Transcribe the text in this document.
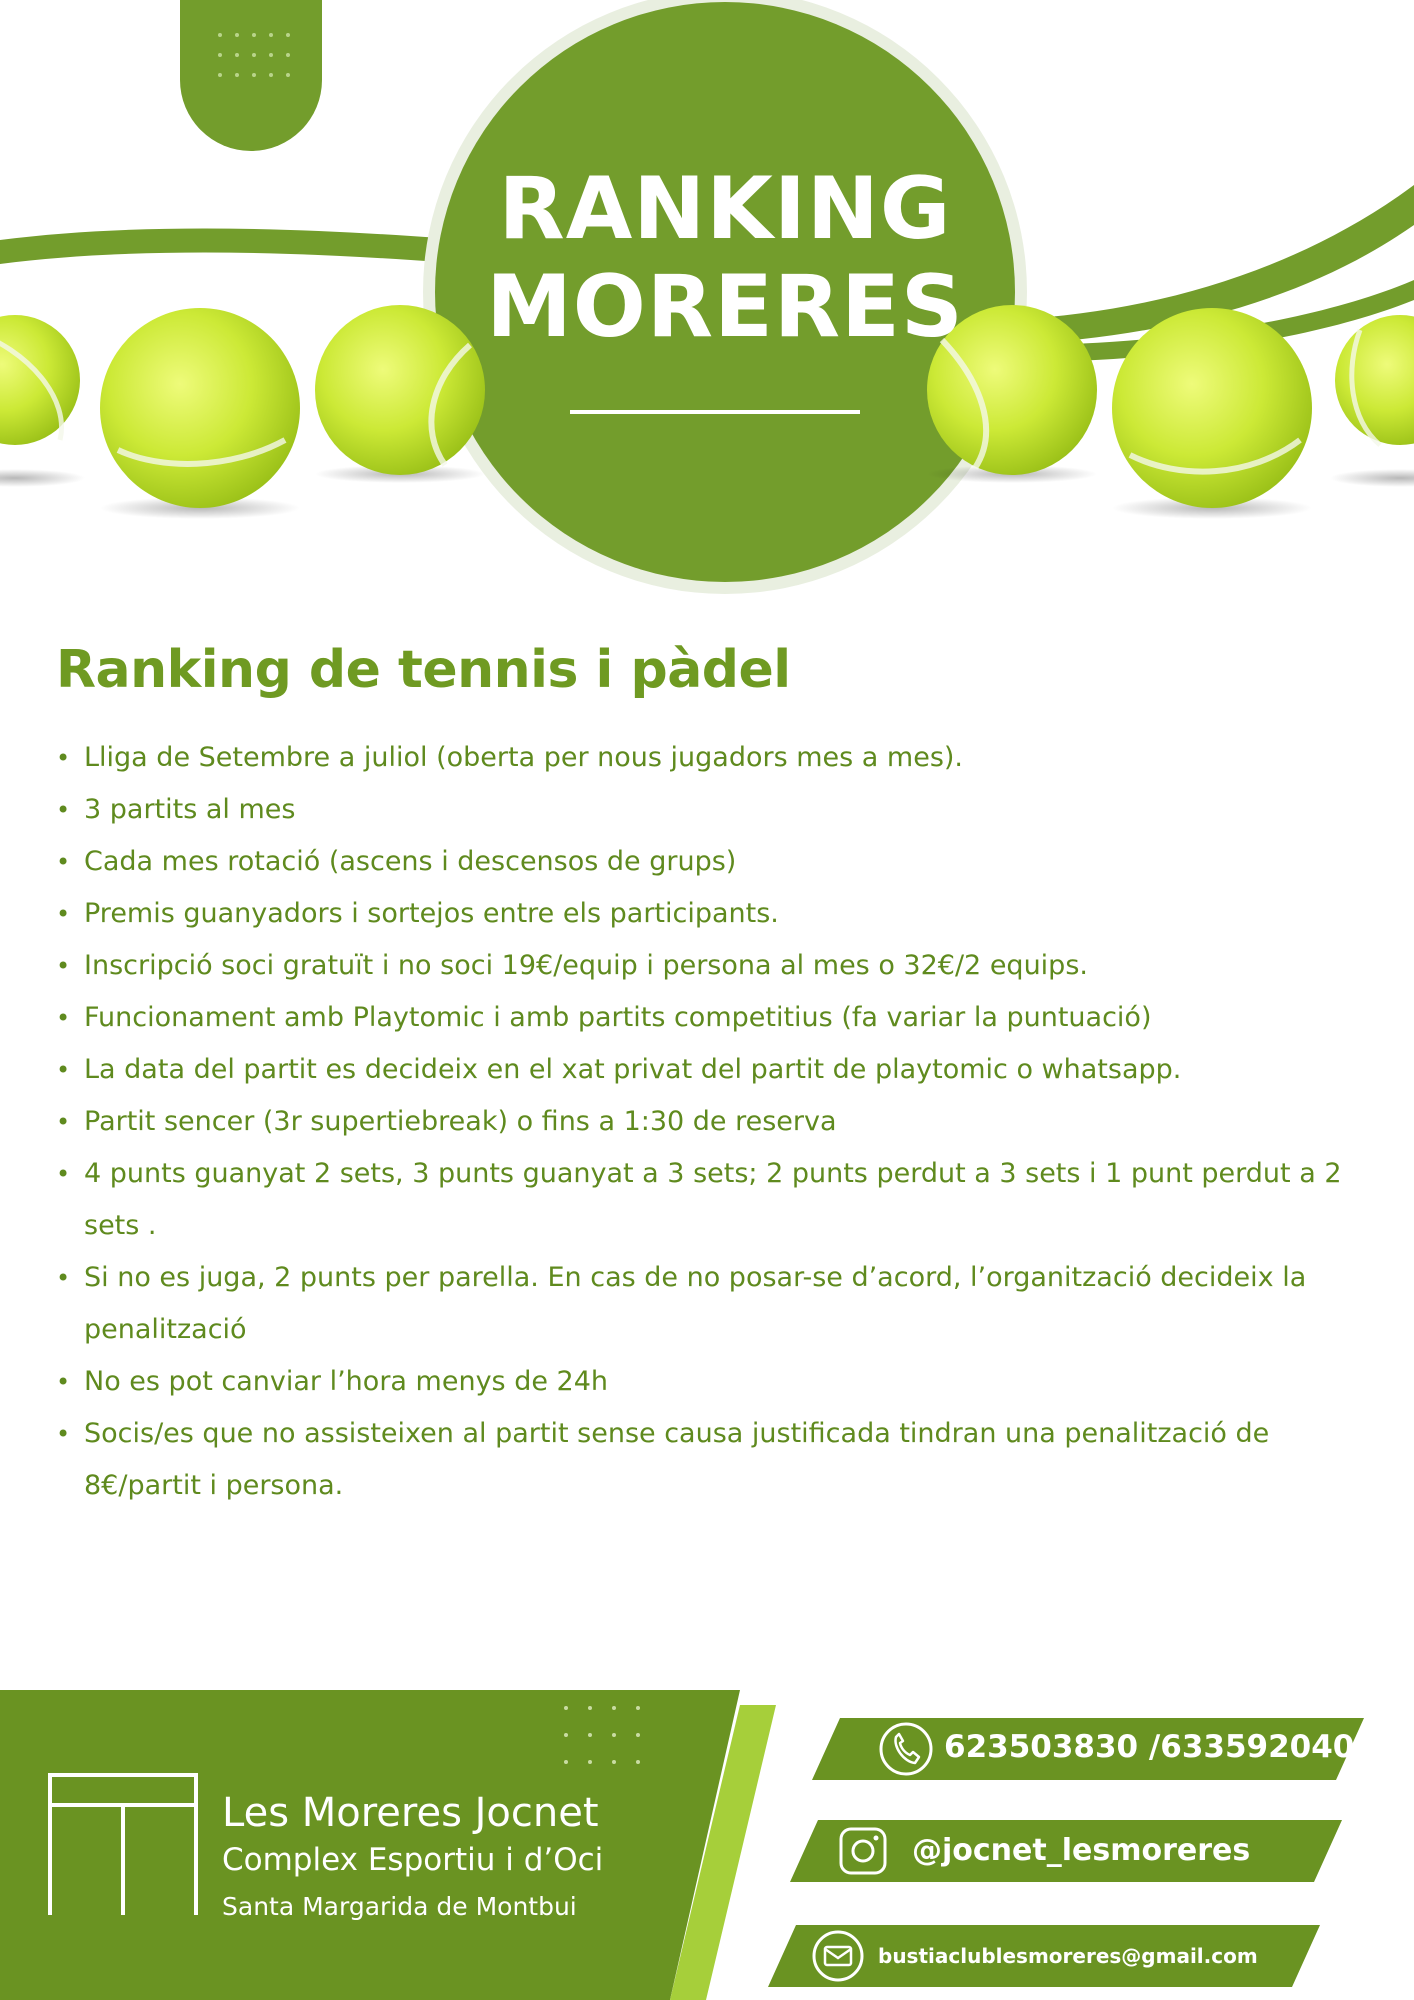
RANKING
MORERES
Ranking de tennis i pàdel
• Lliga de Setembre a juliol (oberta per nous jugadors mes a mes).
• 3 partits al mes
• Cada mes rotació (ascens i descensos de grups)
• Premis guanyadors i sortejos entre els participants.
• Inscripció soci gratuït i no soci 19€/equip i persona al mes o 32€/2 equips.
• Funcionament amb Playtomic i amb partits competitius (fa variar la puntuació)
• La data del partit es decideix en el xat privat del partit de playtomic o whatsapp.
• Partit sencer (3r supertiebreak) o fins a 1:30 de reserva
• 4 punts guanyat 2 sets, 3 punts guanyat a 3 sets; 2 punts perdut a 3 sets i 1 punt perdut a 2 sets .
• Si no es juga, 2 punts per parella. En cas de no posar-se d’acord, l’organització decideix la penalització
• No es pot canviar l’hora menys de 24h
• Socis/es que no assisteixen al partit sense causa justificada tindran una penalització de 8€/partit i persona.
Les Moreres Jocnet
Complex Esportiu i d’Oci
Santa Margarida de Montbui
623503830 /633592040
@jocnet_lesmoreres
bustiaclublesmoreres@gmail.com
